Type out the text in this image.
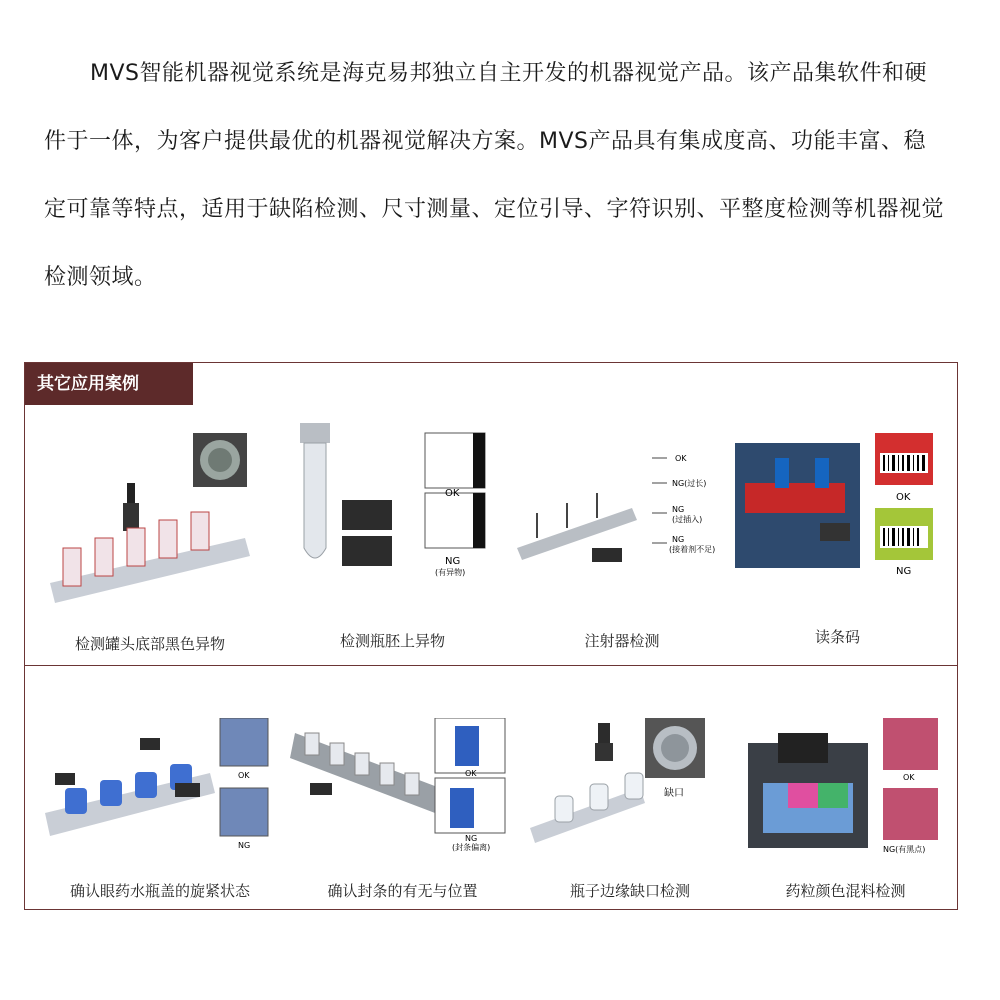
MVS智能机器视觉系统是海克易邦独立自主开发的机器视觉产品。该产品集软件和硬件于一体，为客户提供最优的机器视觉解决方案。MVS产品具有集成度高、功能丰富、稳定可靠等特点，适用于缺陷检测、尺寸测量、定位引导、字符识别、平整度检测等机器视觉检测领域。

其它应用案例
检测罐头底部黑色异物
OK
NG
(有异物)
检测瓶胚上异物
OK
NG(过长)
NG
(过插入)
NG
(接着剂不足)
注射器检测
OK
NG
读条码
OK
NG
确认眼药水瓶盖的旋紧状态
OK
NG
(封条偏离)
确认封条的有无与位置
缺口
瓶子边缘缺口检测
OK
NG(有黑点)
药粒颜色混料检测
